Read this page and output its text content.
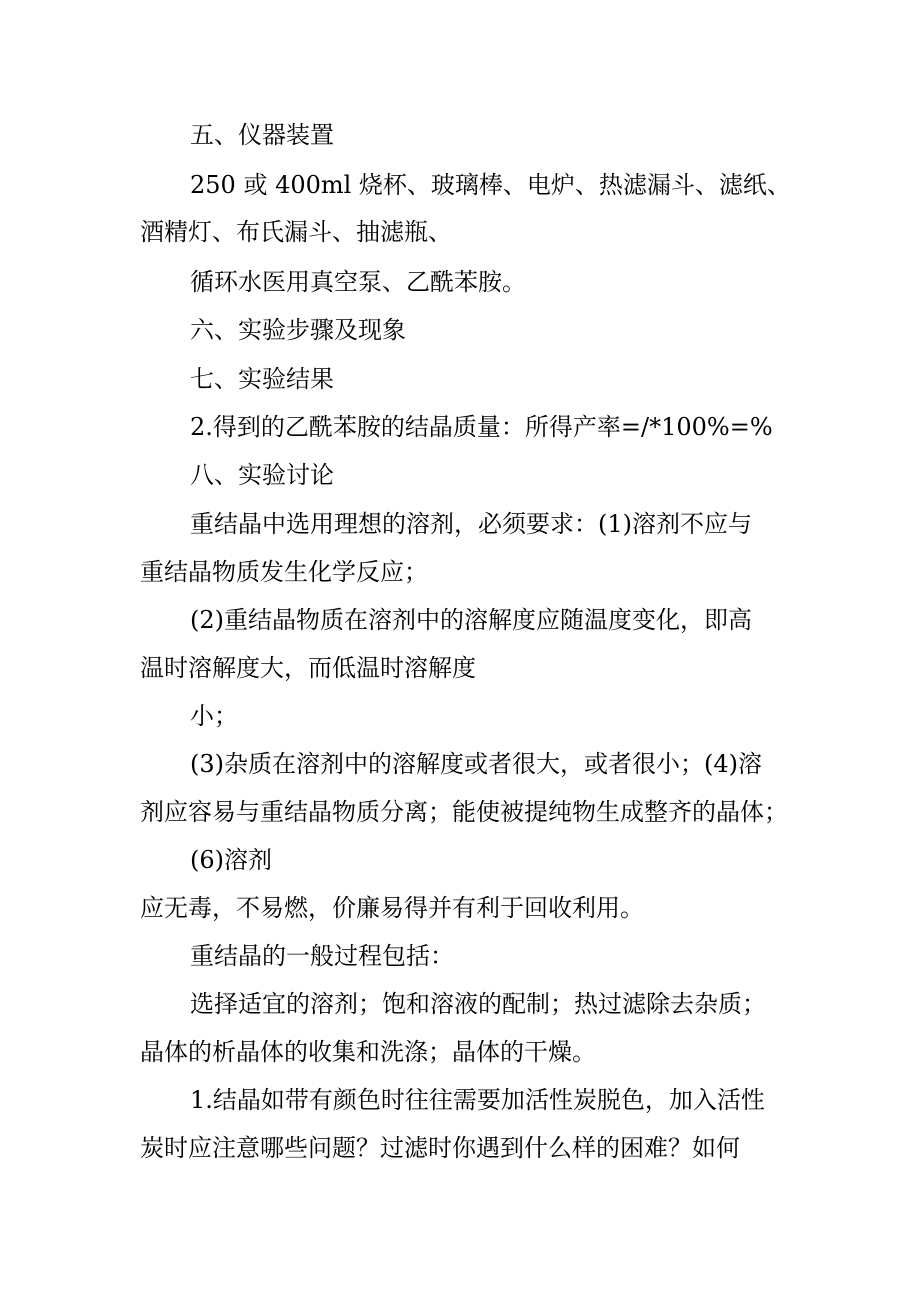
五、仪器装置
250 或 400ml 烧杯、玻璃棒、电炉、热滤漏斗、滤纸、
酒精灯、布氏漏斗、抽滤瓶、
循环水医用真空泵、乙酰苯胺。
六、实验步骤及现象
七、实验结果
2.得到的乙酰苯胺的结晶质量：所得产率=/*100%=%
八、实验讨论
重结晶中选用理想的溶剂，必须要求：(1)溶剂不应与
重结晶物质发生化学反应；
(2)重结晶物质在溶剂中的溶解度应随温度变化，即高
温时溶解度大，而低温时溶解度
小；
(3)杂质在溶剂中的溶解度或者很大，或者很小；(4)溶
剂应容易与重结晶物质分离；能使被提纯物生成整齐的晶体；
(6)溶剂
应无毒，不易燃，价廉易得并有利于回收利用。
重结晶的一般过程包括：
选择适宜的溶剂；饱和溶液的配制；热过滤除去杂质；
晶体的析晶体的收集和洗涤；晶体的干燥。
1.结晶如带有颜色时往往需要加活性炭脱色，加入活性
炭时应注意哪些问题？过滤时你遇到什么样的困难？如何
